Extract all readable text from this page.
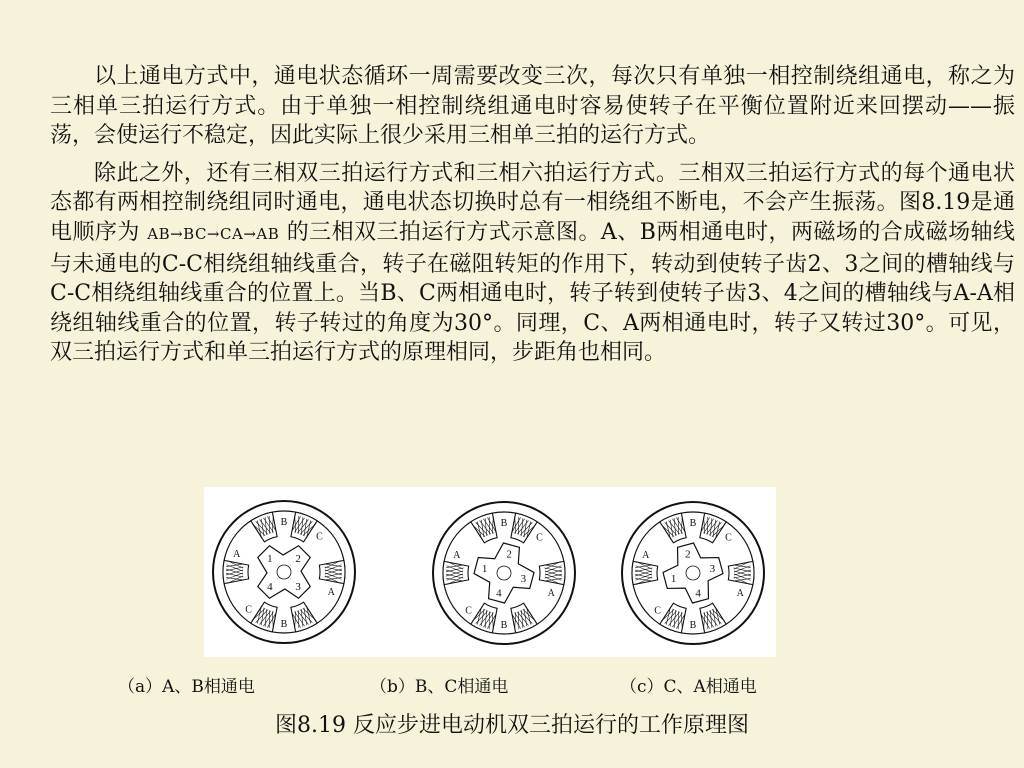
以上通电方式中，通电状态循环一周需要改变三次，每次只有单独一相控制绕组通电，称之为三相单三拍运行方式。由于单独一相控制绕组通电时容易使转子在平衡位置附近来回摆动——振荡，会使运行不稳定，因此实际上很少采用三相单三拍的运行方式。

除此之外，还有三相双三拍运行方式和三相六拍运行方式。三相双三拍运行方式的每个通电状态都有两相控制绕组同时通电，通电状态切换时总有一相绕组不断电，不会产生振荡。图8.19是通电顺序为 AB→BC→CA→AB 的三相双三拍运行方式示意图。A、B两相通电时，两磁场的合成磁场轴线与未通电的C-C相绕组轴线重合，转子在磁阻转矩的作用下，转动到使转子齿2、3之间的槽轴线与C-C相绕组轴线重合的位置上。当B、C两相通电时，转子转到使转子齿3、4之间的槽轴线与A-A相绕组轴线重合的位置，转子转过的角度为30°。同理，C、A两相通电时，转子又转过30°。可见，双三拍运行方式和单三拍运行方式的原理相同，步距角也相同。

B
C
A
B
C
A 1 2
3
4
B
C
A
B
C
A
1
2
3
4
B
C
A
B
C
A
1
2
3
4
（a）A、B相通电	（b）B、C相通电	（c）C、A相通电
图8.19 反应步进电动机双三拍运行的工作原理图
